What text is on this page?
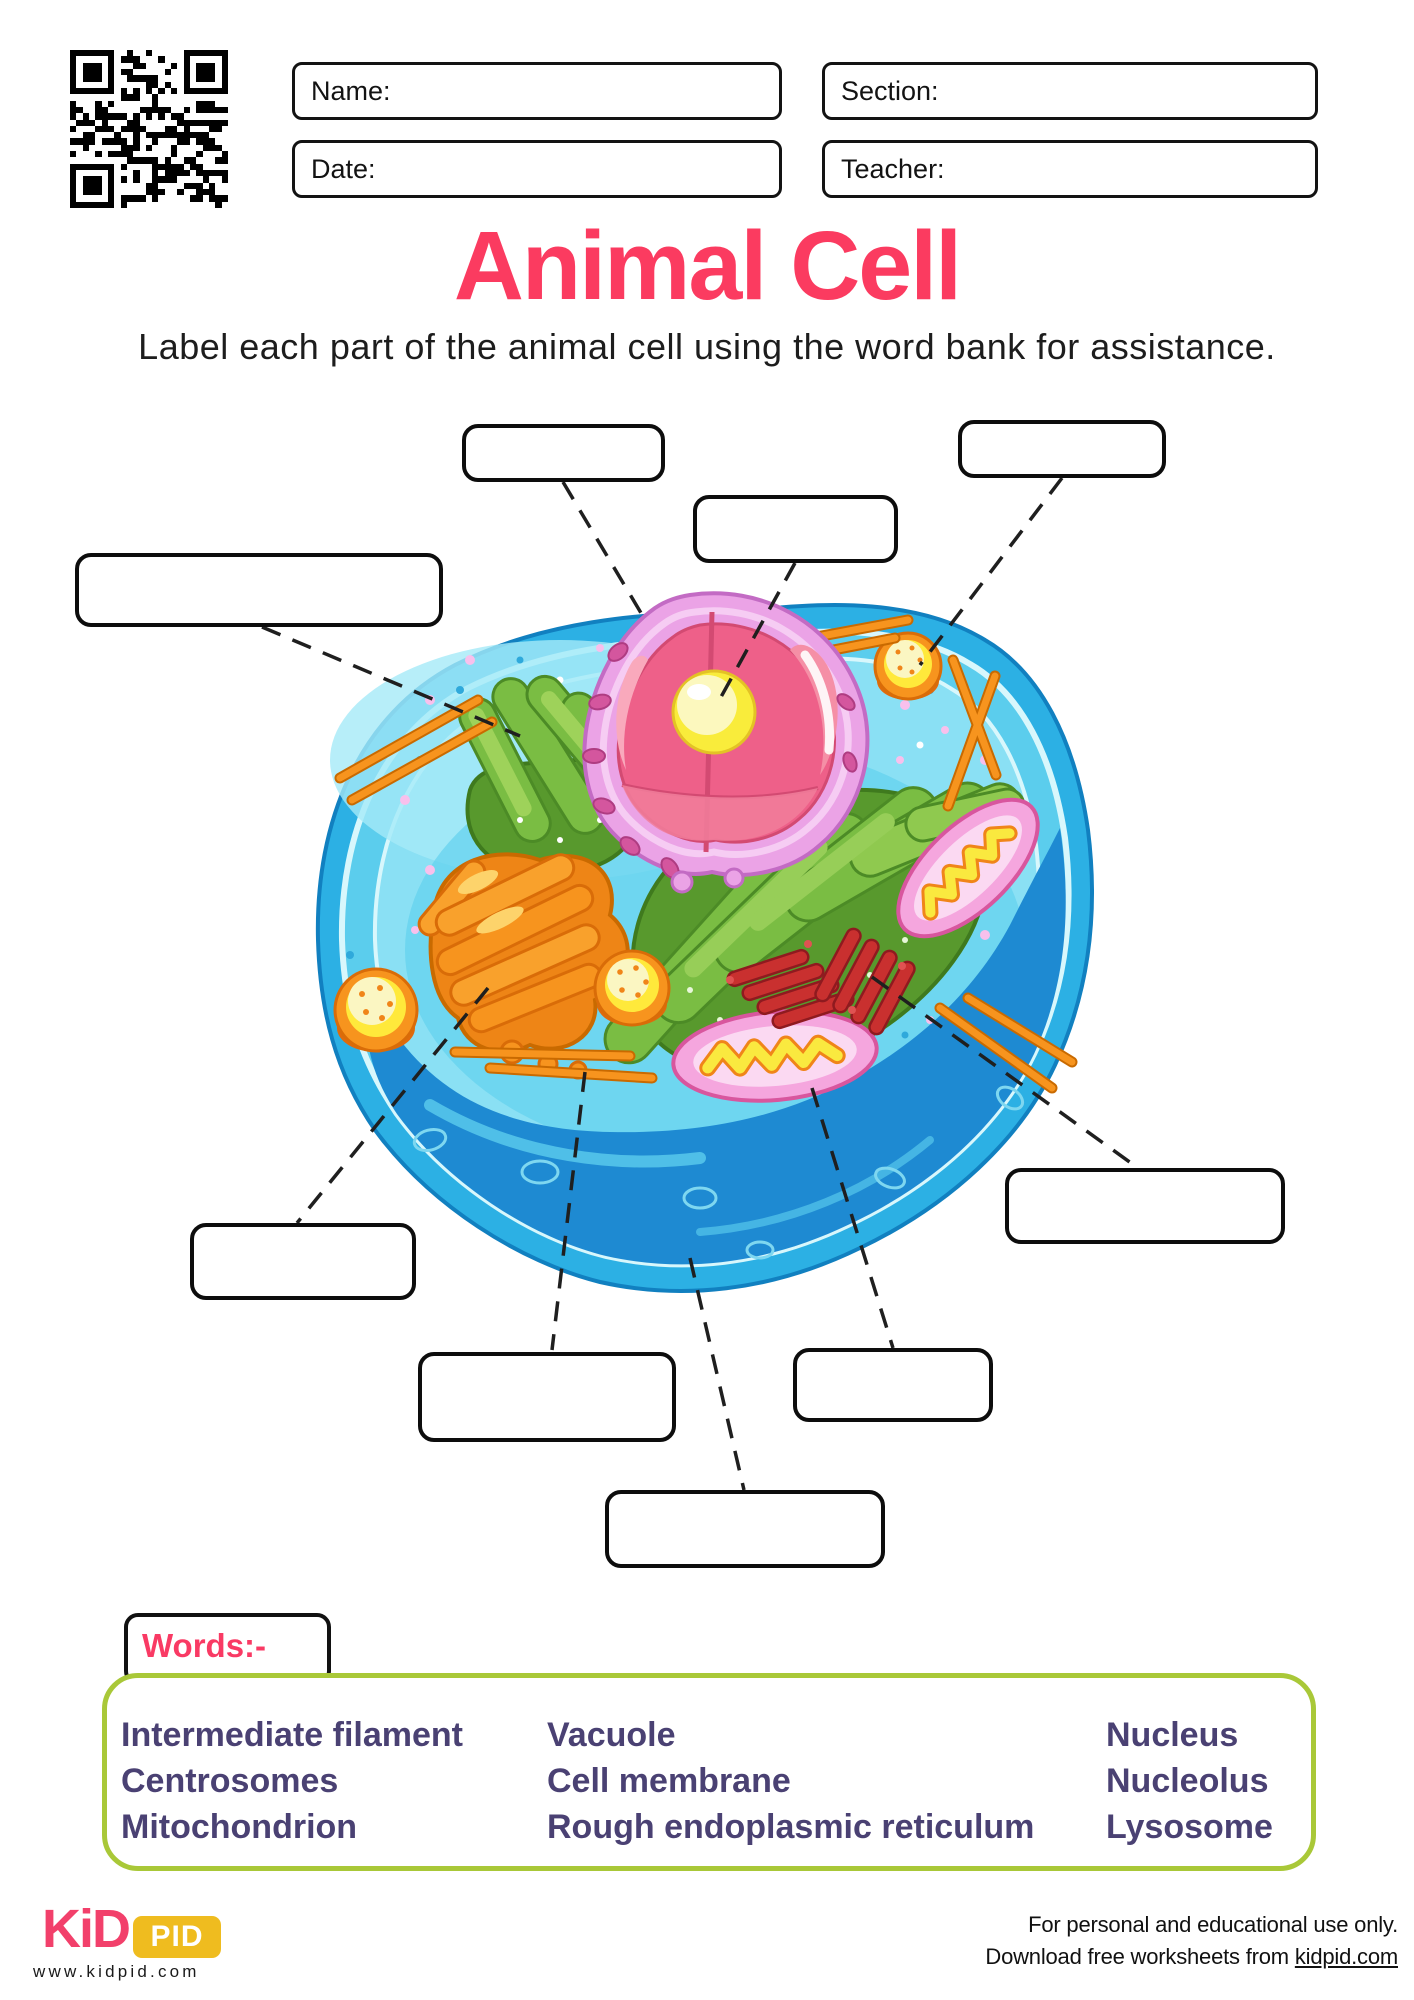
Name:	Section:
Date:	Teacher:
Animal Cell
Label each part of the animal cell using the word bank for assistance.
Words:-
Intermediate filament
Centrosomes
Mitochondrion
Vacuole
Cell membrane
Rough endoplasmic reticulum
Nucleus
Nucleolus
Lysosome
KiD PID
www.kidpid.com
For personal and educational use only.
Download free worksheets from kidpid.com
